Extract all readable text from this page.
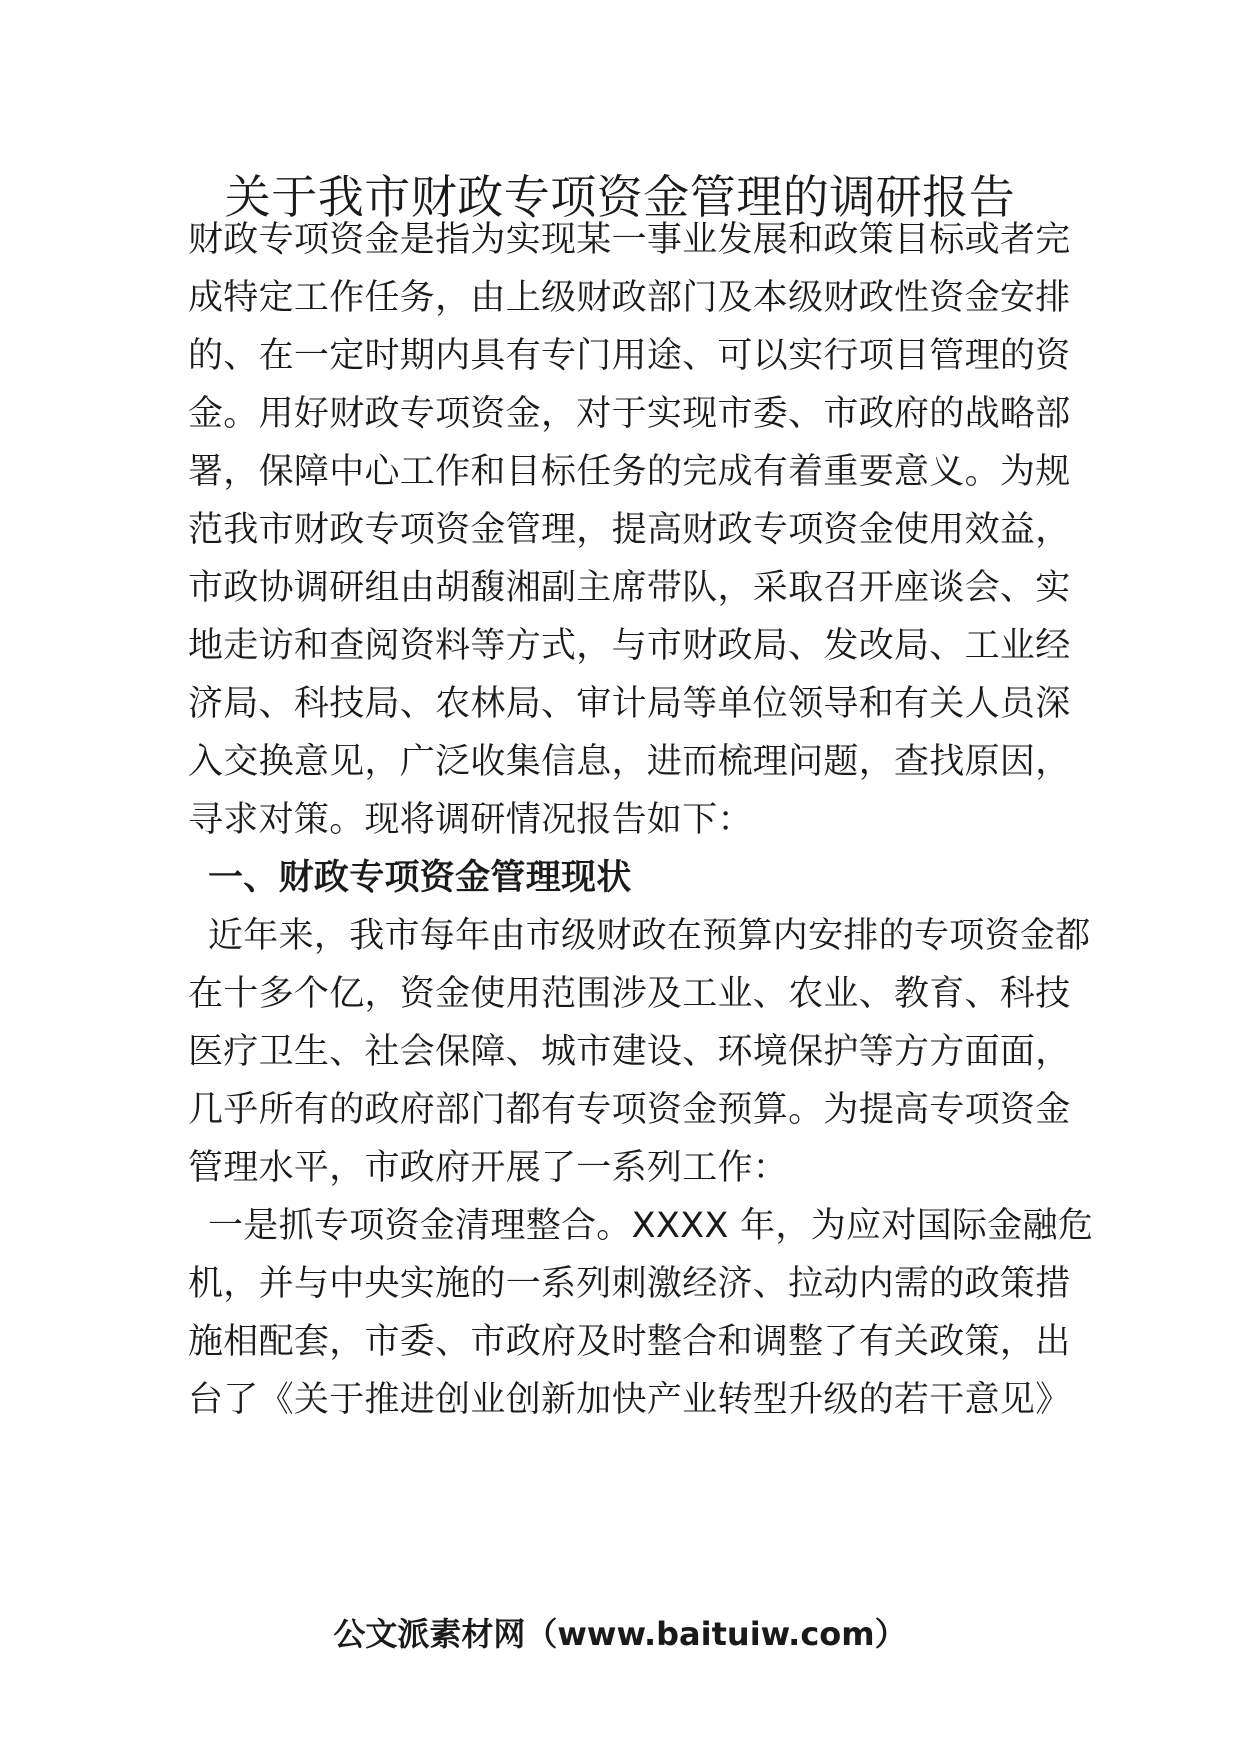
关于我市财政专项资金管理的调研报告
财政专项资金是指为实现某一事业发展和政策目标或者完
成特定工作任务，由上级财政部门及本级财政性资金安排
的、在一定时期内具有专门用途、可以实行项目管理的资
金。用好财政专项资金，对于实现市委、市政府的战略部
署，保障中心工作和目标任务的完成有着重要意义。为规
范我市财政专项资金管理，提高财政专项资金使用效益，
市政协调研组由胡馥湘副主席带队，采取召开座谈会、实
地走访和查阅资料等方式，与市财政局、发改局、工业经
济局、科技局、农林局、审计局等单位领导和有关人员深
入交换意见，广泛收集信息，进而梳理问题，查找原因，
寻求对策。现将调研情况报告如下：
一、财政专项资金管理现状
近年来，我市每年由市级财政在预算内安排的专项资金都
在十多个亿，资金使用范围涉及工业、农业、教育、科技
医疗卫生、社会保障、城市建设、环境保护等方方面面，
几乎所有的政府部门都有专项资金预算。为提高专项资金
管理水平，市政府开展了一系列工作：
一是抓专项资金清理整合。XXXX 年，为应对国际金融危
机，并与中央实施的一系列刺激经济、拉动内需的政策措
施相配套，市委、市政府及时整合和调整了有关政策，出
台了《关于推进创业创新加快产业转型升级的若干意见》
公文派素材网（www.baituiw.com）
